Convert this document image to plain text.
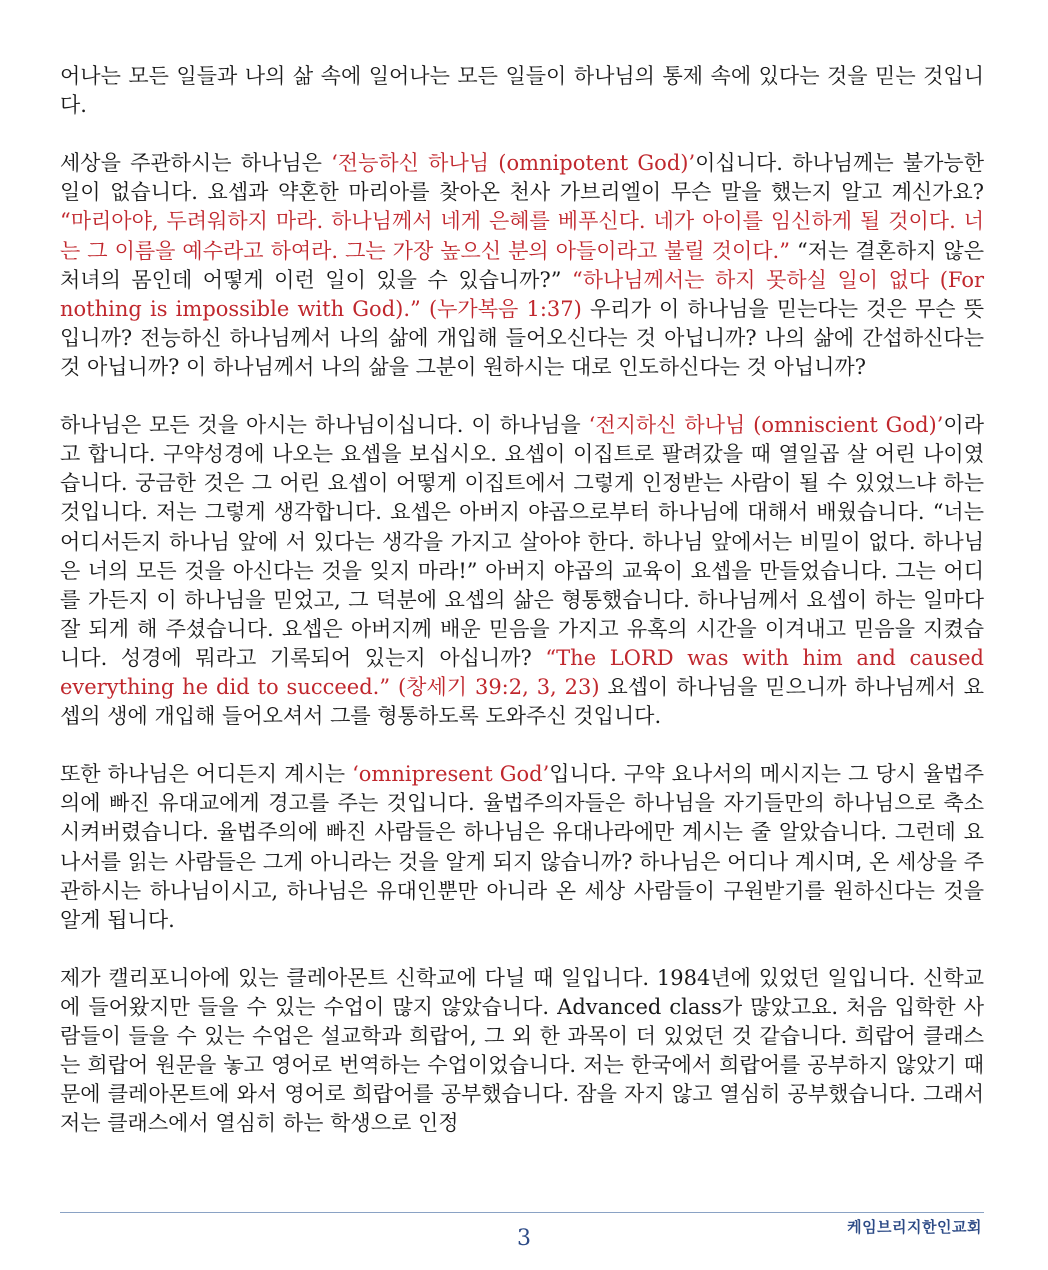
어나는 모든 일들과 나의 삶 속에 일어나는 모든 일들이 하나님의 통제 속에 있다는 것을 믿는 것입니다.

세상을 주관하시는 하나님은 ‘전능하신 하나님 (omnipotent God)’이십니다. 하나님께는 불가능한 일이 없습니다. 요셉과 약혼한 마리아를 찾아온 천사 가브리엘이 무슨 말을 했는지 알고 계신가요? “마리아야, 두려워하지 마라. 하나님께서 네게 은혜를 베푸신다. 네가 아이를 임신하게 될 것이다. 너는 그 이름을 예수라고 하여라. 그는 가장 높으신 분의 아들이라고 불릴 것이다.” “저는 결혼하지 않은 처녀의 몸인데 어떻게 이런 일이 있을 수 있습니까?” “하나님께서는 하지 못하실 일이 없다 (For nothing is impossible with God).” (누가복음 1:37) 우리가 이 하나님을 믿는다는 것은 무슨 뜻입니까? 전능하신 하나님께서 나의 삶에 개입해 들어오신다는 것 아닙니까? 나의 삶에 간섭하신다는 것 아닙니까? 이 하나님께서 나의 삶을 그분이 원하시는 대로 인도하신다는 것 아닙니까?

하나님은 모든 것을 아시는 하나님이십니다. 이 하나님을 ‘전지하신 하나님 (omniscient God)’이라고 합니다. 구약성경에 나오는 요셉을 보십시오. 요셉이 이집트로 팔려갔을 때 열일곱 살 어린 나이였습니다. 궁금한 것은 그 어린 요셉이 어떻게 이집트에서 그렇게 인정받는 사람이 될 수 있었느냐 하는 것입니다. 저는 그렇게 생각합니다. 요셉은 아버지 야곱으로부터 하나님에 대해서 배웠습니다. “너는 어디서든지 하나님 앞에 서 있다는 생각을 가지고 살아야 한다. 하나님 앞에서는 비밀이 없다. 하나님은 너의 모든 것을 아신다는 것을 잊지 마라!” 아버지 야곱의 교육이 요셉을 만들었습니다. 그는 어디를 가든지 이 하나님을 믿었고, 그 덕분에 요셉의 삶은 형통했습니다. 하나님께서 요셉이 하는 일마다 잘 되게 해 주셨습니다. 요셉은 아버지께 배운 믿음을 가지고 유혹의 시간을 이겨내고 믿음을 지켰습니다. 성경에 뭐라고 기록되어 있는지 아십니까? “The LORD was with him and caused everything he did to succeed.” (창세기 39:2, 3, 23) 요셉이 하나님을 믿으니까 하나님께서 요셉의 생에 개입해 들어오셔서 그를 형통하도록 도와주신 것입니다.

또한 하나님은 어디든지 계시는 ‘omnipresent God’입니다. 구약 요나서의 메시지는 그 당시 율법주의에 빠진 유대교에게 경고를 주는 것입니다. 율법주의자들은 하나님을 자기들만의 하나님으로 축소시켜버렸습니다. 율법주의에 빠진 사람들은 하나님은 유대나라에만 계시는 줄 알았습니다. 그런데 요나서를 읽는 사람들은 그게 아니라는 것을 알게 되지 않습니까? 하나님은 어디나 계시며, 온 세상을 주관하시는 하나님이시고, 하나님은 유대인뿐만 아니라 온 세상 사람들이 구원받기를 원하신다는 것을 알게 됩니다.

제가 캘리포니아에 있는 클레아몬트 신학교에 다닐 때 일입니다. 1984년에 있었던 일입니다. 신학교에 들어왔지만 들을 수 있는 수업이 많지 않았습니다. Advanced class가 많았고요. 처음 입학한 사람들이 들을 수 있는 수업은 설교학과 희랍어, 그 외 한 과목이 더 있었던 것 같습니다. 희랍어 클래스는 희랍어 원문을 놓고 영어로 번역하는 수업이었습니다. 저는 한국에서 희랍어를 공부하지 않았기 때문에 클레아몬트에 와서 영어로 희랍어를 공부했습니다. 잠을 자지 않고 열심히 공부했습니다. 그래서 저는 클래스에서 열심히 하는 학생으로 인정

케임브리지한인교회
3
